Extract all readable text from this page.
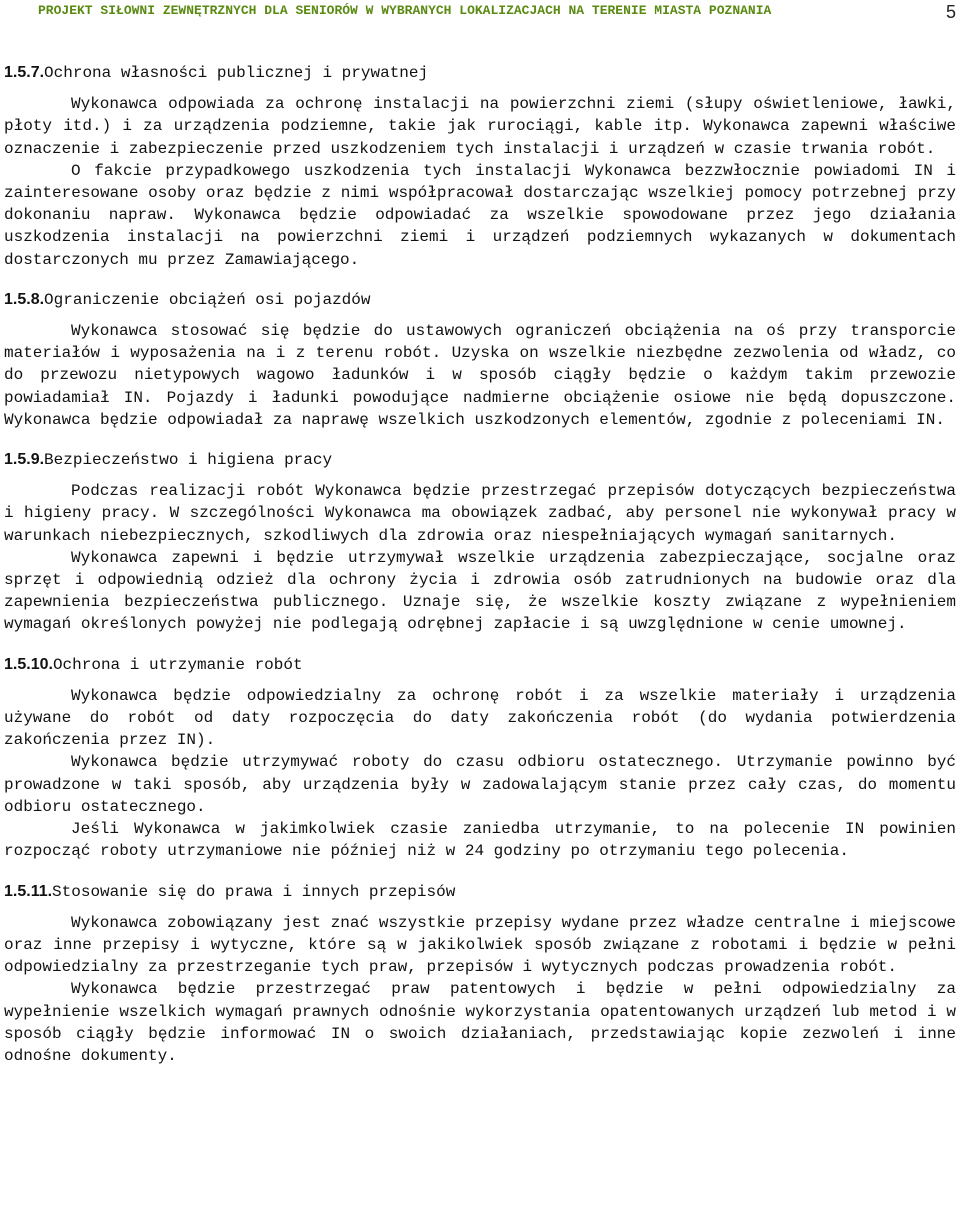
PROJEKT SIŁOWNI ZEWNĘTRZNYCH DLA SENIORÓW W WYBRANYCH LOKALIZACJACH NA TERENIE MIASTA POZNANIA	5
1.5.7.Ochrona własności publicznej i prywatnej

Wykonawca odpowiada za ochronę instalacji na powierzchni ziemi (słupy oświetleniowe, ławki, płoty itd.) i za urządzenia podziemne, takie jak rurociągi, kable itp. Wykonawca zapewni właściwe oznaczenie i zabezpieczenie przed uszkodzeniem tych instalacji i urządzeń w czasie trwania robót.

O fakcie przypadkowego uszkodzenia tych instalacji Wykonawca bezzwłocznie powiadomi IN i zainteresowane osoby oraz będzie z nimi współpracował dostarczając wszelkiej pomocy potrzebnej przy dokonaniu napraw. Wykonawca będzie odpowiadać za wszelkie spowodowane przez jego działania uszkodzenia instalacji na powierzchni ziemi i urządzeń podziemnych wykazanych w dokumentach dostarczonych mu przez Zamawiającego.

1.5.8.Ograniczenie obciążeń osi pojazdów

Wykonawca stosować się będzie do ustawowych ograniczeń obciążenia na oś przy transporcie materiałów i wyposażenia na i z terenu robót. Uzyska on wszelkie niezbędne zezwolenia od władz, co do przewozu nietypowych wagowo ładunków i w sposób ciągły będzie o każdym takim przewozie powiadamiał IN. Pojazdy i ładunki powodujące nadmierne obciążenie osiowe nie będą dopuszczone. Wykonawca będzie odpowiadał za naprawę wszelkich uszkodzonych elementów, zgodnie z poleceniami IN.

1.5.9.Bezpieczeństwo i higiena pracy

Podczas realizacji robót Wykonawca będzie przestrzegać przepisów dotyczących bezpieczeństwa i higieny pracy. W szczególności Wykonawca ma obowiązek zadbać, aby personel nie wykonywał pracy w warunkach niebezpiecznych, szkodliwych dla zdrowia oraz niespełniających wymagań sanitarnych.

Wykonawca zapewni i będzie utrzymywał wszelkie urządzenia zabezpieczające, socjalne oraz sprzęt i odpowiednią odzież dla ochrony życia i zdrowia osób zatrudnionych na budowie oraz dla zapewnienia bezpieczeństwa publicznego. Uznaje się, że wszelkie koszty związane z wypełnieniem wymagań określonych powyżej nie podlegają odrębnej zapłacie i są uwzględnione w cenie umownej.

1.5.10.Ochrona i utrzymanie robót

Wykonawca będzie odpowiedzialny za ochronę robót i za wszelkie materiały i urządzenia używane do robót od daty rozpoczęcia do daty zakończenia robót (do wydania potwierdzenia zakończenia przez IN).

Wykonawca będzie utrzymywać roboty do czasu odbioru ostatecznego. Utrzymanie powinno być prowadzone w taki sposób, aby urządzenia były w zadowalającym stanie przez cały czas, do momentu odbioru ostatecznego.

Jeśli Wykonawca w jakimkolwiek czasie zaniedba utrzymanie, to na polecenie IN powinien rozpocząć roboty utrzymaniowe nie później niż w 24 godziny po otrzymaniu tego polecenia.

1.5.11.Stosowanie się do prawa i innych przepisów

Wykonawca zobowiązany jest znać wszystkie przepisy wydane przez władze centralne i miejscowe oraz inne przepisy i wytyczne, które są w jakikolwiek sposób związane z robotami i będzie w pełni odpowiedzialny za przestrzeganie tych praw, przepisów i wytycznych podczas prowadzenia robót.

Wykonawca będzie przestrzegać praw patentowych i będzie w pełni odpowiedzialny za wypełnienie wszelkich wymagań prawnych odnośnie wykorzystania opatentowanych urządzeń lub metod i w sposób ciągły będzie informować IN o swoich działaniach, przedstawiając kopie zezwoleń i inne odnośne dokumenty.
